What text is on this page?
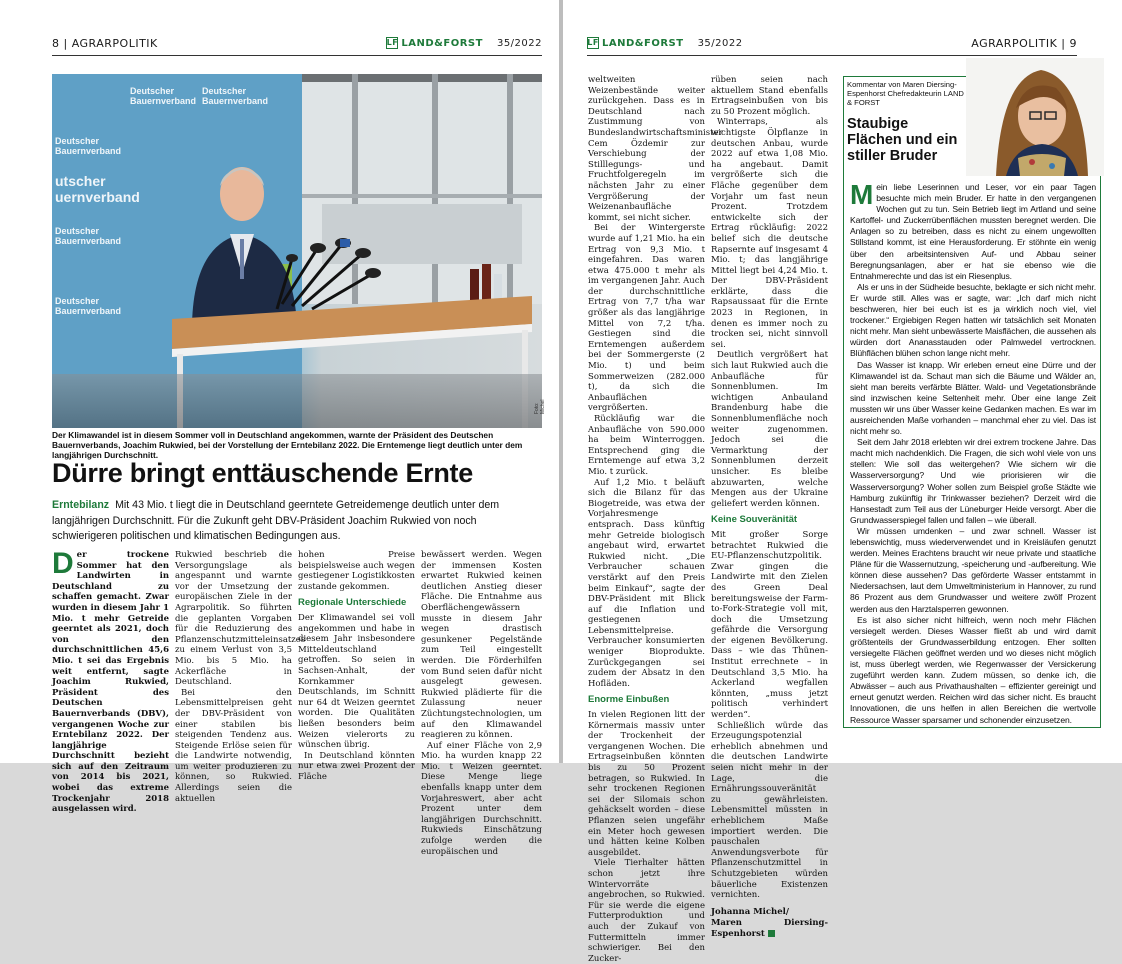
8 | AGRARPOLITIK	LF LAND&FORST 35/2022
Deutscher
Bauernverband
Deutscher
Bauernverband
Deutscher
Bauernverband
utscher
uernverband
Deutscher
Bauernverband
Deutscher
Bauernverband
Foto: Michel
Der Klimawandel ist in diesem Sommer voll in Deutschland angekommen, warnte der Präsident des Deutschen Bauernverbands, Joachim Rukwied, bei der Vorstellung der Erntebilanz 2022. Die Erntemenge liegt deutlich unter dem langjährigen Durchschnitt.
Dürre bringt enttäuschende Ernte
Erntebilanz Mit 43 Mio. t liegt die in Deutschland geerntete Getreidemenge deutlich unter dem langjährigen Durchschnitt. Für die Zukunft geht DBV-Präsident Joachim Rukwied von noch schwierigeren politischen und klimatischen Bedingungen aus.

Der trockene Sommer hat den Landwirten in Deutschland zu schaffen gemacht. Zwar wurden in diesem Jahr 1 Mio. t mehr Getreide geerntet als 2021, doch von den durchschnittlichen 45,6 Mio. t sei das Ergebnis weit entfernt, sagte Joachim Rukwied, Präsident des Deutschen Bauernverbands (DBV), vergangenen Woche zur Erntebilanz 2022. Der langjährige Durchschnitt bezieht sich auf den Zeitraum von 2014 bis 2021, wobei das extreme Trockenjahr 2018 ausgelassen wird.

Rukwied beschrieb die Versorgungslage als angespannt und warnte vor der Umsetzung der europäischen Ziele in der Agrarpolitik. So führten die geplanten Vorgaben für die Reduzierung des Pflanzenschutzmitteleinsatzes zu einem Verlust von 3,5 Mio. bis 5 Mio. ha Ackerfläche in Deutschland.

Bei den Lebensmittelpreisen geht der DBV-Präsident von einer stabilen bis steigenden Tendenz aus. Steigende Erlöse seien für die Landwirte notwendig, um weiter produzieren zu können, so Rukwied. Allerdings seien die aktuellen

hohen Preise beispielsweise auch wegen gestiegener Logistikkosten zustande gekommen.

Regionale Unterschiede

Der Klimawandel sei voll angekommen und habe in diesem Jahr insbesondere Mitteldeutschland getroffen. So seien in Sachsen-Anhalt, der Kornkammer Deutschlands, im Schnitt nur 64 dt Weizen geerntet worden. Die Qualitäten ließen besonders beim Weizen vielerorts zu wünschen übrig.

In Deutschland könnten nur etwa zwei Prozent der Fläche

bewässert werden. Wegen der immensen Kosten erwartet Rukwied keinen deutlichen Anstieg dieser Fläche. Die Entnahme aus Oberflächengewässern musste in diesem Jahr wegen drastisch gesunkener Pegelstände zum Teil eingestellt werden. Die Förderhilfen vom Bund seien dafür nicht ausgelegt gewesen. Rukwied plädierte für die Zulassung neuer Züchtungstechnologien, um auf den Klimawandel reagieren zu können.

Auf einer Fläche von 2,9 Mio. ha wurden knapp 22 Mio. t Weizen geerntet. Diese Menge liege ebenfalls knapp unter dem Vorjahreswert, aber acht Prozent unter dem langjährigen Durchschnitt. Rukwieds Einschätzung zufolge werden die europäischen und

LF LAND&FORST 35/2022	AGRARPOLITIK | 9

weltweiten Weizenbestände weiter zurückgehen. Dass es in Deutschland nach Zustimmung von Bundeslandwirtschaftsminister Cem Özdemir zur Verschiebung der Stilllegungs- und Fruchtfolgeregeln im nächsten Jahr zu einer Vergrößerung der Weizenanbaufläche kommt, sei nicht sicher.

Bei der Wintergerste wurde auf 1,21 Mio. ha ein Ertrag von 9,3 Mio. t eingefahren. Das waren etwa 475.000 t mehr als im vergangenen Jahr. Auch der durchschnittliche Ertrag von 7,7 t/ha war größer als das langjährige Mittel von 7,2 t/ha. Gestiegen sind die Erntemengen außerdem bei der Sommergerste (2 Mio. t) und beim Sommerweizen (282.000 t), da sich die Anbauflächen vergrößerten.

Rückläufig war die Anbaufläche von 590.000 ha beim Winterroggen. Entsprechend ging die Erntemenge auf etwa 3,2 Mio. t zurück.

Auf 1,2 Mio. t beläuft sich die Bilanz für das Biogetreide, was etwa der Vorjahresmenge entsprach. Dass künftig mehr Getreide biologisch angebaut wird, erwartet Rukwied nicht. „Die Verbraucher schauen verstärkt auf den Preis beim Einkauf“, sagte der DBV-Präsident mit Blick auf die Inflation und gestiegenen Lebensmittelpreise. Verbraucher konsumierten weniger Bioprodukte. Zurückgegangen sei zudem der Absatz in den Hofläden.

Enorme Einbußen

In vielen Regionen litt der Körnermais massiv unter der Trockenheit der vergangenen Wochen. Die Ertragseinbußen könnten bis zu 50 Prozent betragen, so Rukwied. In sehr trockenen Regionen sei der Silomais schon gehäckselt worden – diese Pflanzen seien ungefähr ein Meter hoch gewesen und hätten keine Kolben ausgebildet.

Viele Tierhalter hätten schon jetzt ihre Wintervorräte angebrochen, so Rukwied. Für sie werde die eigene Futterproduktion und auch der Zukauf von Futtermitteln immer schwieriger. Bei den Zucker-

rüben seien nach aktuellem Stand ebenfalls Ertragseinbußen von bis zu 50 Prozent möglich.

Winterraps, als wichtigste Ölpflanze in deutschen Anbau, wurde 2022 auf etwa 1,08 Mio. ha angebaut. Damit vergrößerte sich die Fläche gegenüber dem Vorjahr um fast neun Prozent. Trotzdem entwickelte sich der Ertrag rückläufig: 2022 belief sich die deutsche Rapsernte auf insgesamt 4 Mio. t; das langjährige Mittel liegt bei 4,24 Mio. t. Der DBV-Präsident erklärte, dass die Rapsaussaat für die Ernte 2023 in Regionen, in denen es immer noch zu trocken sei, nicht sinnvoll sei.

Deutlich vergrößert hat sich laut Rukwied auch die Anbaufläche für Sonnenblumen. Im wichtigen Anbauland Brandenburg habe die Sonnenblumenfläche noch weiter zugenommen. Jedoch sei die Vermarktung der Sonnenblumen derzeit unsicher. Es bleibe abzuwarten, welche Mengen aus der Ukraine geliefert werden können.

Keine Souveränität

Mit großer Sorge betrachtet Rukwied die EU-Pflanzenschutzpolitik. Zwar gingen die Landwirte mit den Zielen des Green Deal bereitungsweise der Farm-to-Fork-Strategie voll mit, doch die Umsetzung gefährde die Versorgung der eigenen Bevölkerung. Dass – wie das Thünen-Institut errechnete – in Deutschland 3,5 Mio. ha Ackerland wegfallen könnten, „muss jetzt politisch verhindert werden“.

Schließlich würde das Erzeugungspotenzial erheblich abnehmen und die deutschen Landwirte seien nicht mehr in der Lage, die Ernährungssouveränität zu gewährleisten. Lebensmittel müssten in erheblichem Maße importiert werden. Die pauschalen Anwendungsverbote für Pflanzenschutzmittel in Schutzgebieten würden bäuerliche Existenzen vernichten.

Johanna Michel/
Maren Diersing-Espenhorst
Kommentar von Maren Diersing-Espenhorst Chefredakteurin LAND & FORST
Staubige Flächen und ein stiller Bruder

Mein liebe Leserinnen und Leser, vor ein paar Tagen besuchte mich mein Bruder. Er hatte in den vergangenen Wochen gut zu tun. Sein Betrieb liegt im Artland und seine Kartoffel- und Zuckerrübenflächen mussten beregnet werden. Die Anlagen so zu betreiben, dass es nicht zu einem ungewollten Stillstand kommt, ist eine Herausforderung. Er stöhnte ein wenig über den arbeitsintensiven Auf- und Abbau seiner Beregnungsanlagen, aber er hat sie ebenso wie die Entnahmerechte und das ist ein Riesenplus.

Als er uns in der Südheide besuchte, beklagte er sich nicht mehr. Er wurde still. Alles was er sagte, war: „Ich darf mich nicht beschweren, hier bei euch ist es ja wirklich noch viel, viel trockener.“ Ergiebigen Regen hatten wir tatsächlich seit Monaten nicht mehr. Man sieht unbewässerte Maisflächen, die aussehen als würden dort Ananasstauden oder Palmwedel vertrocknen. Blühflächen blühen schon lange nicht mehr.

Das Wasser ist knapp. Wir erleben erneut eine Dürre und der Klimawandel ist da. Schaut man sich die Bäume und Wälder an, sieht man bereits verfärbte Blätter. Wald- und Vegetationsbrände sind inzwischen keine Seltenheit mehr. Über eine lange Zeit mussten wir uns über Wasser keine Gedanken machen. Es war im ausreichenden Maße vorhanden – manchmal eher zu viel. Das ist nicht mehr so.

Seit dem Jahr 2018 erlebten wir drei extrem trockene Jahre. Das macht mich nachdenklich. Die Fragen, die sich wohl viele von uns stellen: Wie soll das weitergehen? Wie sichern wir die Wasserversorgung? Und wie priorisieren wir die Wasserversorgung? Woher sollen zum Beispiel große Städte wie Hamburg zukünftig ihr Trinkwasser beziehen? Derzeit wird die Hansestadt zum Teil aus der Lüneburger Heide versorgt. Aber die Grundwasserspiegel fallen und fallen – wie überall.

Wir müssen umdenken – und zwar schnell. Wasser ist lebenswichtig, muss wiederverwendet und in Kreisläufen genutzt werden. Meines Erachtens braucht wir neue private und staatliche Pläne für die Wassernutzung, -speicherung und -aufbereitung. Wie können diese aussehen? Das geförderte Wasser entstammt in Niedersachsen, laut dem Umweltministerium in Hannover, zu rund 86 Prozent aus dem Grundwasser und weitere zwölf Prozent werden aus den Harztalsperren gewonnen.

Es ist also sicher nicht hilfreich, wenn noch mehr Flächen versiegelt werden. Dieses Wasser fließt ab und wird damit größtenteils der Grundwasserbildung entzogen. Eher sollten versiegelte Flächen geöffnet werden und wo dieses nicht möglich ist, muss überlegt werden, wie Regenwasser der Versickerung zugeführt werden kann. Zudem müssen, so denke ich, die Abwässer – auch aus Privathaushalten – effizienter gereinigt und erneut genutzt werden. Reichen wird das sicher nicht. Es braucht Innovationen, die uns helfen in allen Bereichen die wertvolle Ressource Wasser sparsamer und schonender einzusetzen.
